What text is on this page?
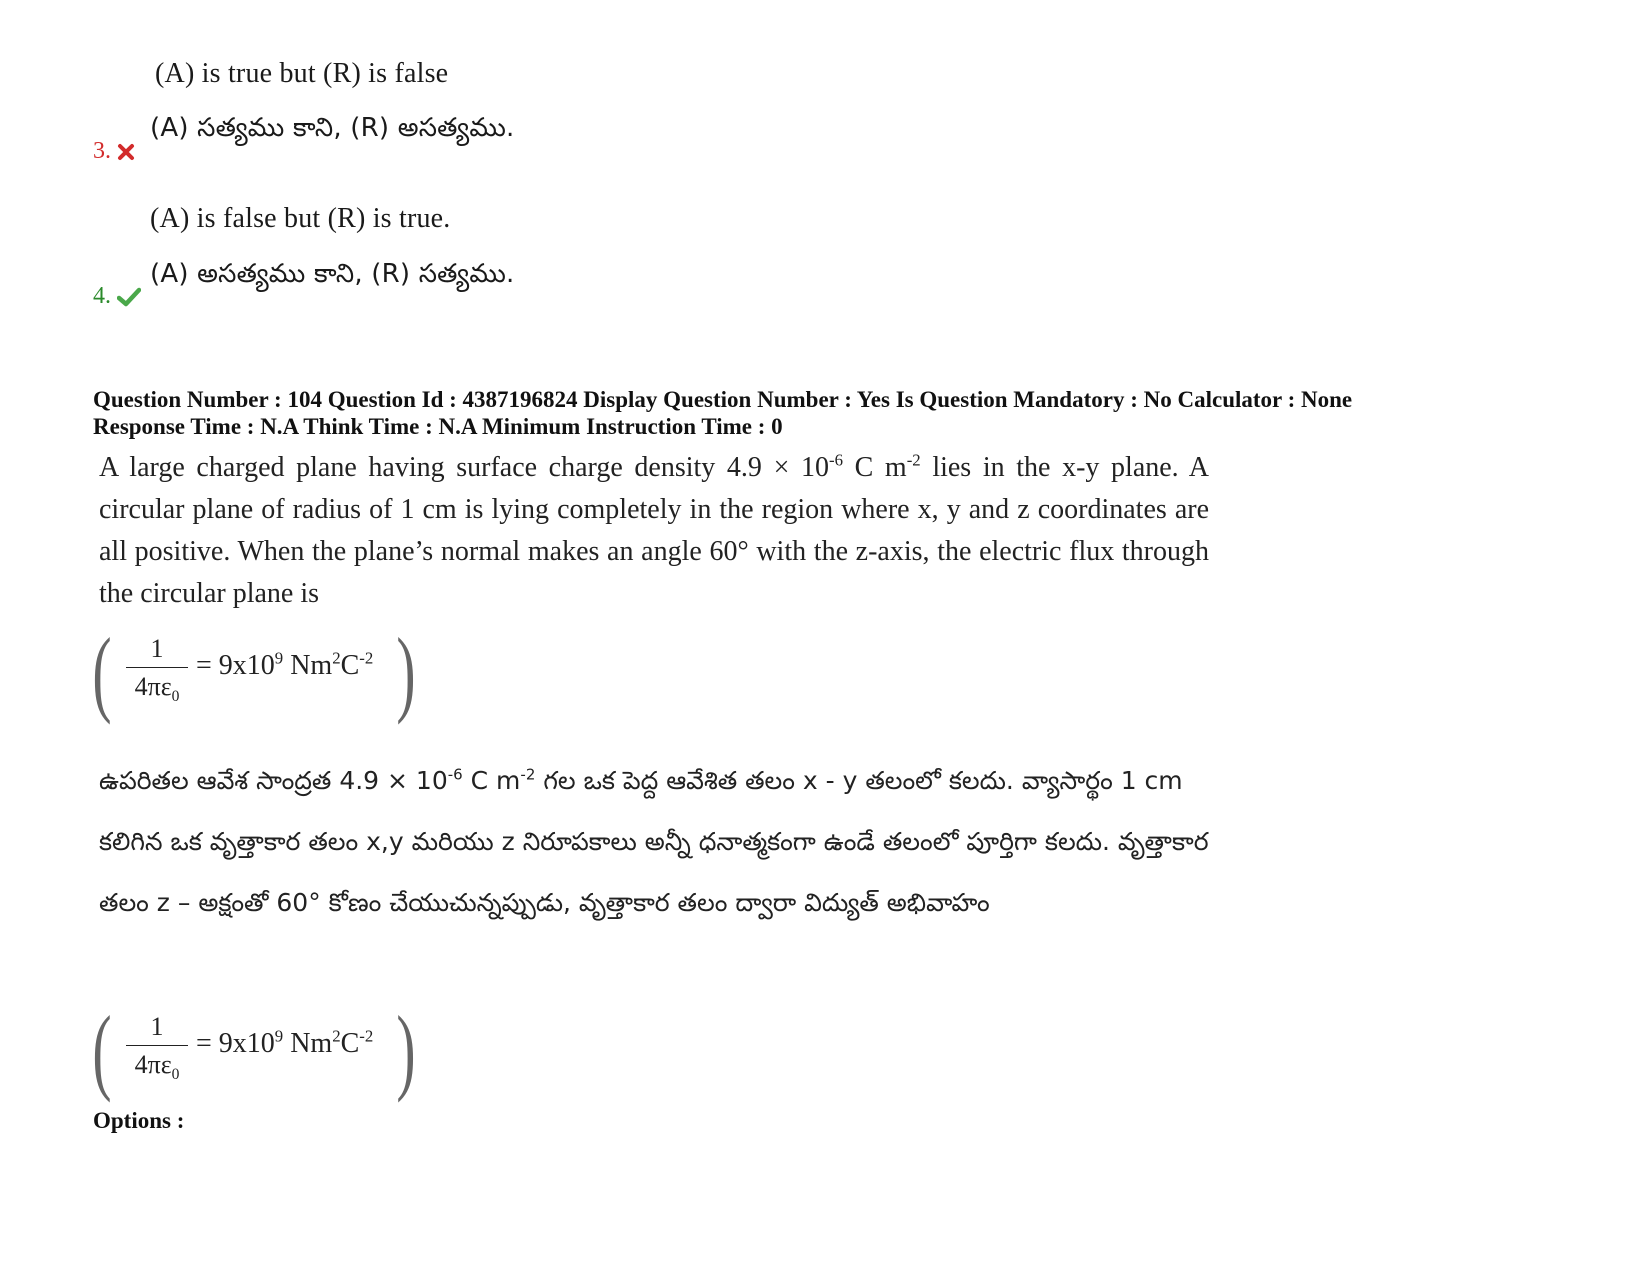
(A) is true but (R) is false
3.
(A) సత్యము కాని, (R) అసత్యము.
(A) is false but (R) is true.
4.
(A) అసత్యము కాని, (R) సత్యము.
Question Number : 104 Question Id : 4387196824 Display Question Number : Yes Is Question Mandatory : No Calculator : None
Response Time : N.A Think Time : N.A Minimum Instruction Time : 0

A large charged plane having surface charge density $4.9 \times 10^{-6}$ C $m^{-2}$ lies in the x-y plane. A circular plane of radius of 1 cm is lying completely in the region where x, y and z coordinates are all positive. When the plane’s normal makes an angle 60° with the z-axis, the electric flux through the circular plane is

(	1
$4\pi\varepsilon_0$
= $9x10^9$ $Nm^2C^{-2}$ )

ఉపరితల ఆవేశ సాంద్రత $4.9 \times 10^{-6}$ C $m^{-2}$ గల ఒక పెద్ద ఆవేశిత తలం x - y తలంలో కలదు. వ్యాసార్థం 1 cm కలిగిన ఒక వృత్తాకార తలం x,y మరియు z నిరూపకాలు అన్నీ ధనాత్మకంగా ఉండే తలంలో పూర్తిగా కలదు. వృత్తాకార తలం z – అక్షంతో 60° కోణం చేయుచున్నప్పుడు, వృత్తాకార తలం ద్వారా విద్యుత్ అభివాహం

(	1
$4\pi\varepsilon_0$
= $9x10^9$ $Nm^2C^{-2}$ )
Options :
